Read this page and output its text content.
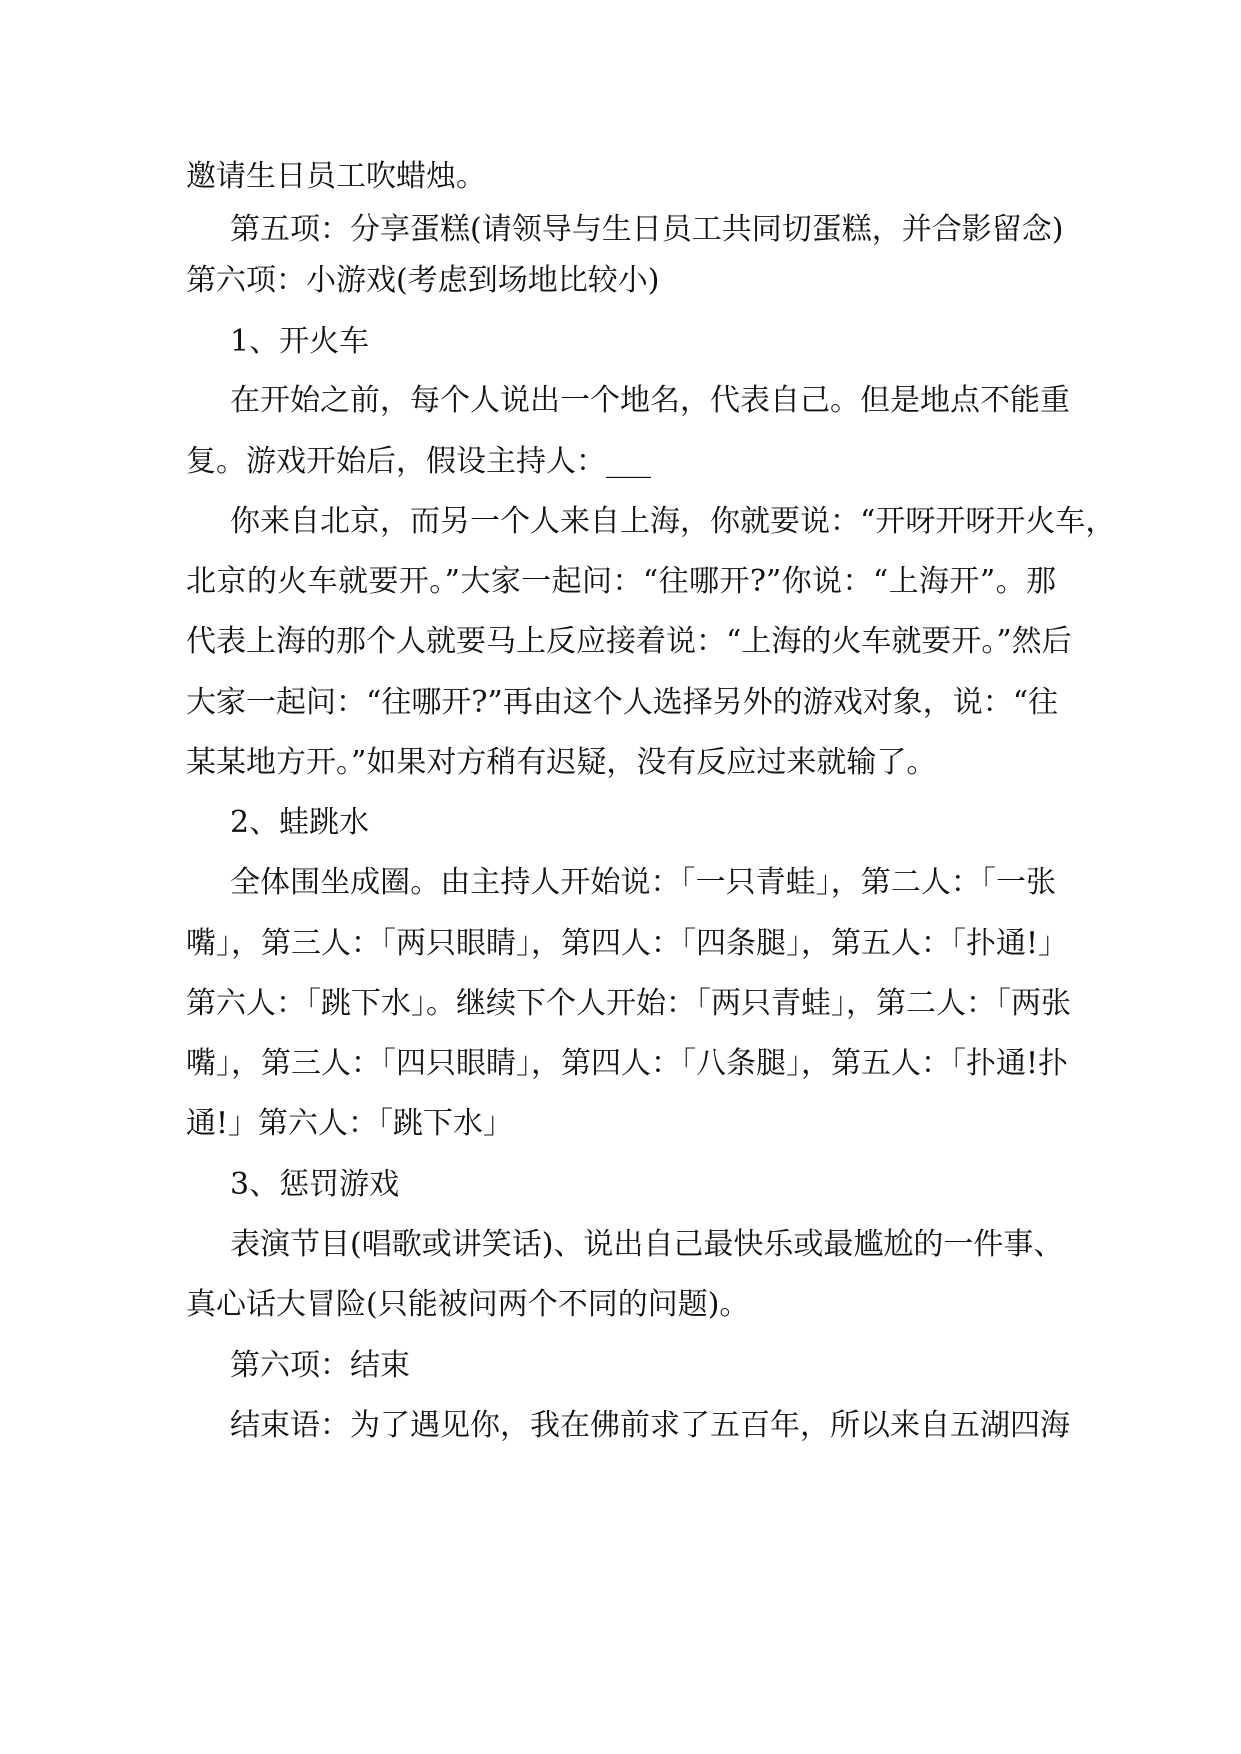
邀请生日员工吹蜡烛。
第五项：分享蛋糕(请领导与生日员工共同切蛋糕，并合影留念)
第六项：小游戏(考虑到场地比较小)
1、开火车
在开始之前，每个人说出一个地名，代表自己。但是地点不能重
复。游戏开始后，假设主持人：___
你来自北京，而另一个人来自上海，你就要说：“开呀开呀开火车，
北京的火车就要开。”大家一起问：“往哪开?”你说：“上海开”。那
代表上海的那个人就要马上反应接着说：“上海的火车就要开。”然后
大家一起问：“往哪开?”再由这个人选择另外的游戏对象，说：“往
某某地方开。”如果对方稍有迟疑，没有反应过来就输了。
2、蛙跳水
全体围坐成圈。由主持人开始说：「一只青蛙」，第二人：「一张
嘴」，第三人：「两只眼睛」，第四人：「四条腿」，第五人：「扑通!」
第六人：「跳下水」。继续下个人开始：「两只青蛙」，第二人：「两张
嘴」，第三人：「四只眼睛」，第四人：「八条腿」，第五人：「扑通!扑
通!」第六人：「跳下水」
3、惩罚游戏
表演节目(唱歌或讲笑话)、说出自己最快乐或最尴尬的一件事、
真心话大冒险(只能被问两个不同的问题)。
第六项：结束
结束语：为了遇见你，我在佛前求了五百年，所以来自五湖四海
